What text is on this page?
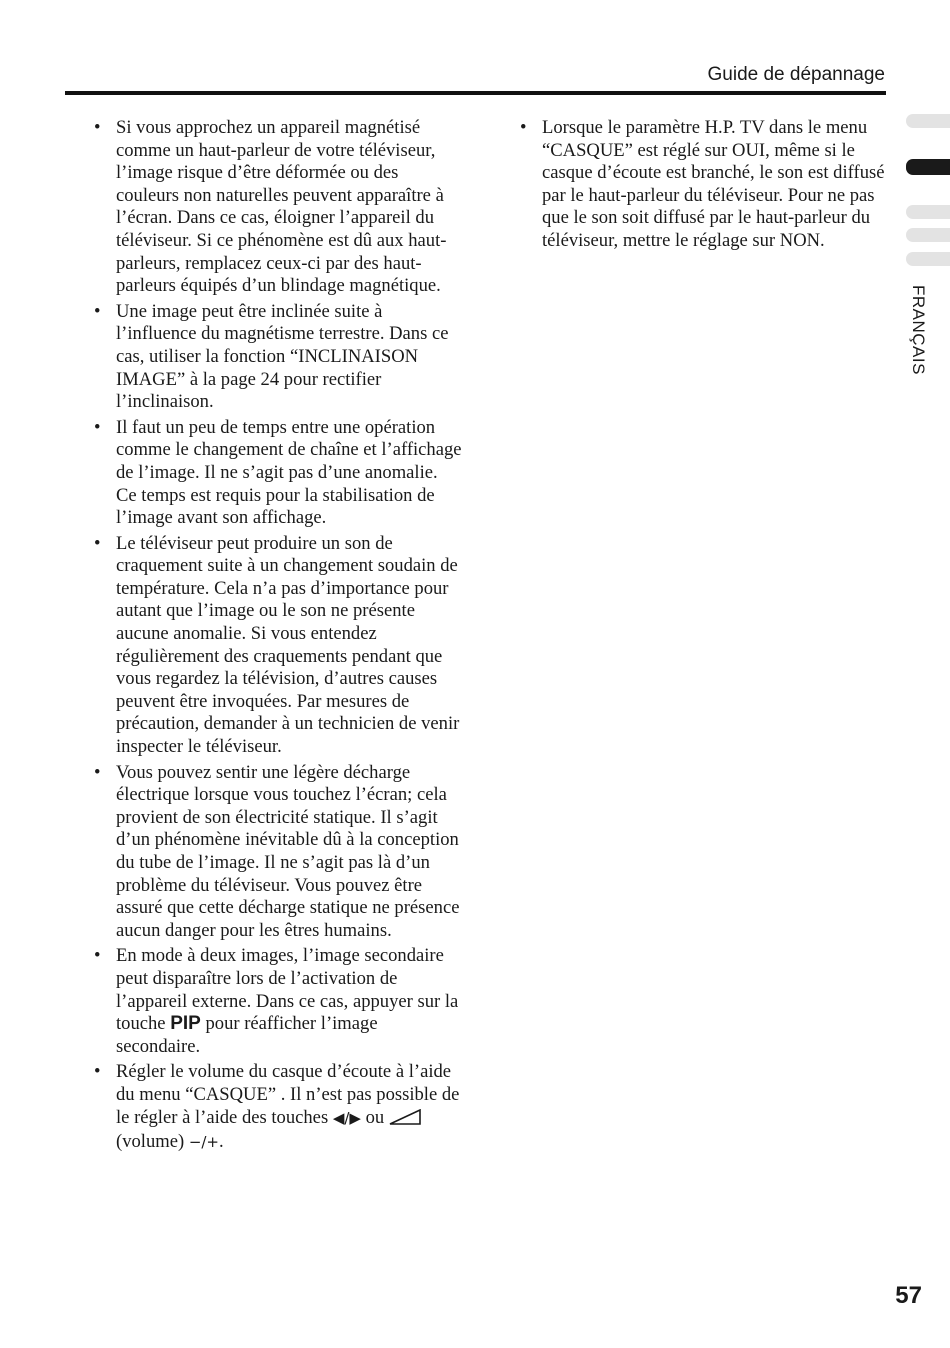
Guide de dépannage
• Si vous approchez un appareil magnétisé comme un haut-parleur de votre téléviseur, l’image risque d’être déformée ou des couleurs non naturelles peuvent apparaître à l’écran. Dans ce cas, éloigner l’appareil du téléviseur. Si ce phénomène est dû aux haut-parleurs, remplacez ceux-ci par des haut-parleurs équipés d’un blindage magnétique.
• Une image peut être inclinée suite à l’influence du magnétisme terrestre. Dans ce cas, utiliser la fonction “INCLINAISON IMAGE” à la page 24 pour rectifier l’inclinaison.
• Il faut un peu de temps entre une opération comme le changement de chaîne et l’affichage de l’image. Il ne s’agit pas d’une anomalie. Ce temps est requis pour la stabilisation de l’image avant son affichage.
• Le téléviseur peut produire un son de craquement suite à un changement soudain de température. Cela n’a pas d’importance pour autant que l’image ou le son ne présente aucune anomalie. Si vous entendez régulièrement des craquements pendant que vous regardez la télévision, d’autres causes peuvent être invoquées. Par mesures de précaution, demander à un technicien de venir inspecter le téléviseur.
• Vous pouvez sentir une légère décharge électrique lorsque vous touchez l’écran; cela provient de son électricité statique. Il s’agit d’un phénomène inévitable dû à la conception du tube de l’image. Il ne s’agit pas là d’un problème du téléviseur. Vous pouvez être assuré que cette décharge statique ne présence aucun danger pour les êtres humains.
• En mode à deux images, l’image secondaire peut disparaître lors de l’activation de l’appareil externe. Dans ce cas, appuyer sur la touche PIP pour réafficher l’image secondaire.
• Régler le volume du casque d’écoute à l’aide du menu “CASQUE” . Il n’est pas possible de le régler à l’aide des touches ◀/▶ ou  (volume) −/+.
• Lorsque le paramètre H.P. TV dans le menu “CASQUE” est réglé sur OUI, même si le casque d’écoute est branché, le son est diffusé par le haut-parleur du téléviseur. Pour ne pas que le son soit diffusé par le haut-parleur du téléviseur, mettre le réglage sur NON.
FRANÇAIS
57
